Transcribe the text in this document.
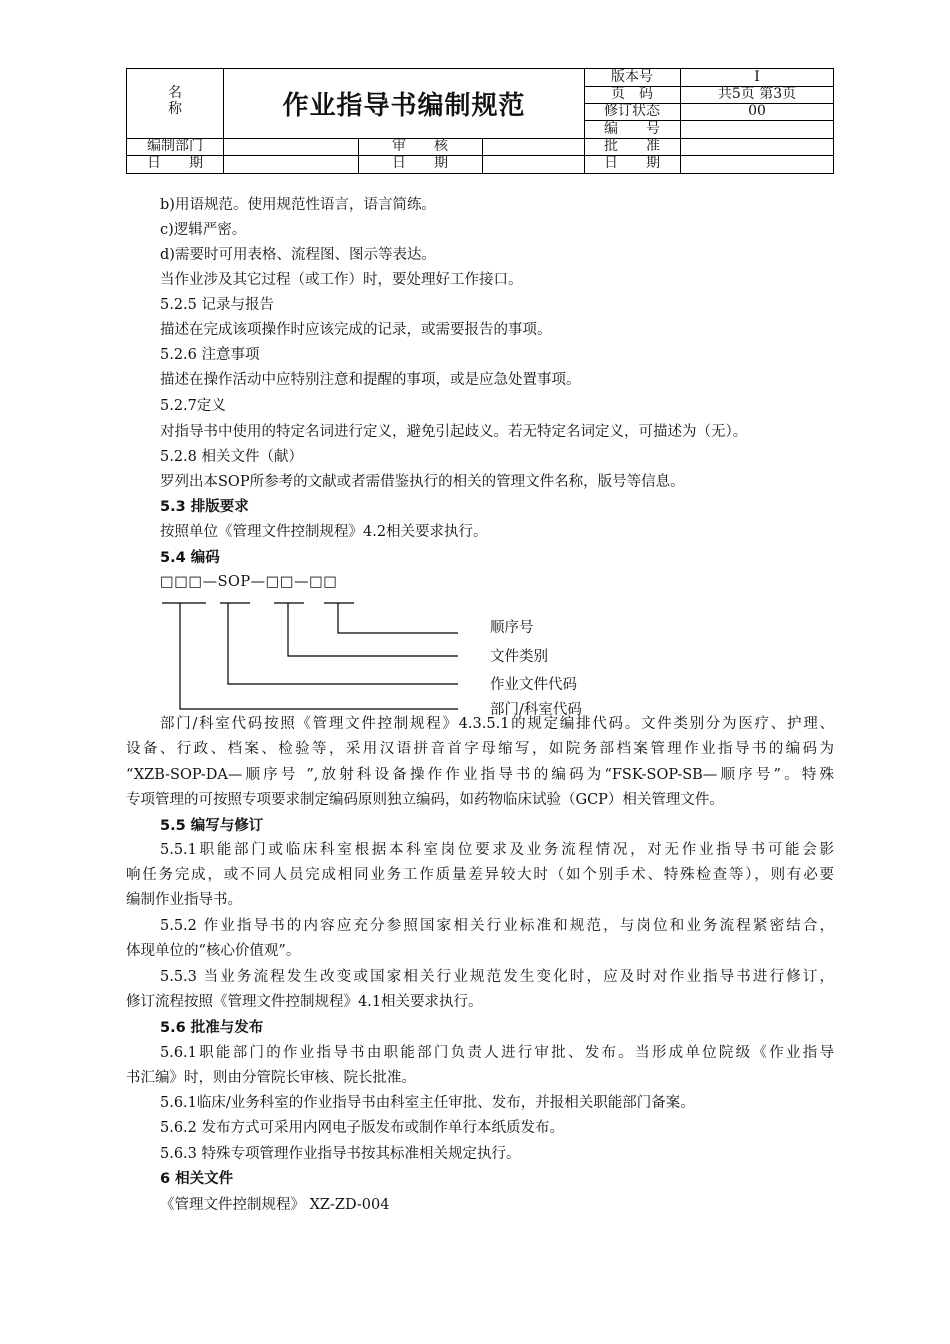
名
称	作业指导书编制规范
版本号	I
页　码	共5页 第3页
修订状态	00
编　　号
编制部门	审　　核	批　　准
日　　期	日　　期	日　　期
b)用语规范。使用规范性语言，语言简练。
c)逻辑严密。
d)需要时可用表格、流程图、图示等表达。
当作业涉及其它过程（或工作）时，要处理好工作接口。
5.2.5 记录与报告
描述在完成该项操作时应该完成的记录，或需要报告的事项。
5.2.6 注意事项
描述在操作活动中应特别注意和提醒的事项，或是应急处置事项。
5.2.7定义
对指导书中使用的特定名词进行定义，避免引起歧义。若无特定名词定义，可描述为（无）。
5.2.8 相关文件（献）
罗列出本SOP所参考的文献或者需借鉴执行的相关的管理文件名称，版号等信息。
5.3 排版要求
按照单位《管理文件控制规程》4.2相关要求执行。
5.4 编码
□□□—SOP—□□—□□
顺序号
文件类别
作业文件代码
部门/科室代码
部门/科室代码按照《管理文件控制规程》4.3.5.1的规定编排代码。文件类别分为医疗、护理、
设备、行政、档案、检验等，采用汉语拼音首字母缩写，如院务部档案管理作业指导书的编码为
“XZB-SOP-DA—顺序号 ”,放射科设备操作作业指导书的编码为“FSK-SOP-SB—顺序号”。特殊
专项管理的可按照专项要求制定编码原则独立编码，如药物临床试验（GCP）相关管理文件。
5.5 编写与修订
5.5.1职能部门或临床科室根据本科室岗位要求及业务流程情况，对无作业指导书可能会影
响任务完成，或不同人员完成相同业务工作质量差异较大时（如个别手术、特殊检查等），则有必要
编制作业指导书。
5.5.2 作业指导书的内容应充分参照国家相关行业标准和规范，与岗位和业务流程紧密结合，
体现单位的“核心价值观”。
5.5.3 当业务流程发生改变或国家相关行业规范发生变化时，应及时对作业指导书进行修订，
修订流程按照《管理文件控制规程》4.1相关要求执行。
5.6 批准与发布
5.6.1职能部门的作业指导书由职能部门负责人进行审批、发布。当形成单位院级《作业指导
书汇编》时，则由分管院长审核、院长批准。
5.6.1临床/业务科室的作业指导书由科室主任审批、发布，并报相关职能部门备案。
5.6.2 发布方式可采用内网电子版发布或制作单行本纸质发布。
5.6.3 特殊专项管理作业指导书按其标准相关规定执行。
6 相关文件
《管理文件控制规程》 XZ-ZD-004
